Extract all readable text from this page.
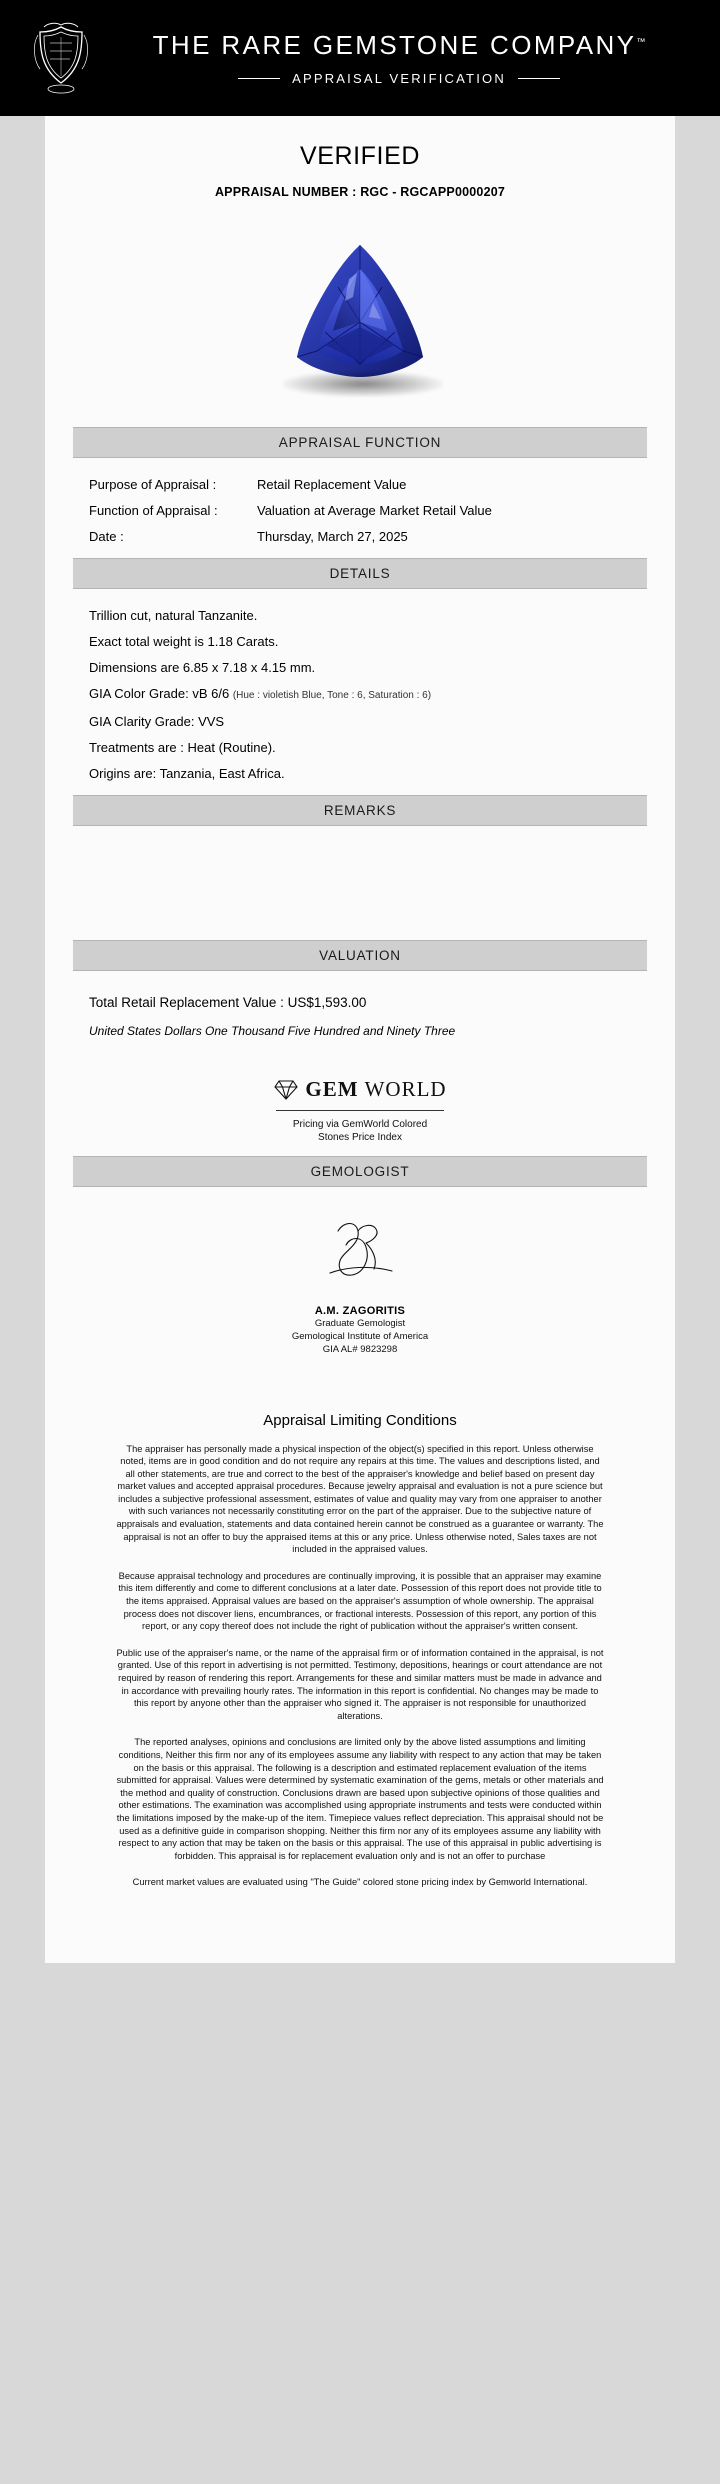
THE RARE GEMSTONE COMPANY™
APPRAISAL VERIFICATION
VERIFIED
APPRAISAL NUMBER : RGC - RGCAPP0000207
APPRAISAL FUNCTION
Purpose of Appraisal :	Retail Replacement Value
Function of Appraisal :	Valuation at Average Market Retail Value
Date :	Thursday, March 27, 2025
DETAILS
Trillion cut, natural Tanzanite.
Exact total weight is 1.18 Carats.
Dimensions are 6.85 x 7.18 x 4.15 mm.
GIA Color Grade: vB 6/6 (Hue : violetish Blue, Tone : 6, Saturation : 6)
GIA Clarity Grade: VVS
Treatments are : Heat (Routine).
Origins are: Tanzania, East Africa.
REMARKS
VALUATION
Total Retail Replacement Value : US$1,593.00
United States Dollars One Thousand Five Hundred and Ninety Three
GEM WORLD
Pricing via GemWorld Colored
Stones Price Index
GEMOLOGIST
A.M. ZAGORITIS
Graduate Gemologist
Gemological Institute of America
GIA AL# 9823298
Appraisal Limiting Conditions

The appraiser has personally made a physical inspection of the object(s) specified in this report. Unless otherwise noted, items are in good condition and do not require any repairs at this time. The values and descriptions listed, and all other statements, are true and correct to the best of the appraiser's knowledge and belief based on present day market values and accepted appraisal procedures. Because jewelry appraisal and evaluation is not a pure science but includes a subjective professional assessment, estimates of value and quality may vary from one appraiser to another with such variances not necessarily constituting error on the part of the appraiser. Due to the subjective nature of appraisals and evaluation, statements and data contained herein cannot be construed as a guarantee or warranty. The appraisal is not an offer to buy the appraised items at this or any price. Unless otherwise noted, Sales taxes are not included in the appraised values.

Because appraisal technology and procedures are continually improving, it is possible that an appraiser may examine this item differently and come to different conclusions at a later date. Possession of this report does not provide title to the items appraised. Appraisal values are based on the appraiser's assumption of whole ownership. The appraisal process does not discover liens, encumbrances, or fractional interests. Possession of this report, any portion of this report, or any copy thereof does not include the right of publication without the appraiser's written consent.

Public use of the appraiser's name, or the name of the appraisal firm or of information contained in the appraisal, is not granted. Use of this report in advertising is not permitted. Testimony, depositions, hearings or court attendance are not required by reason of rendering this report. Arrangements for these and similar matters must be made in advance and in accordance with prevailing hourly rates. The information in this report is confidential. No changes may be made to this report by anyone other than the appraiser who signed it. The appraiser is not responsible for unauthorized alterations.

The reported analyses, opinions and conclusions are limited only by the above listed assumptions and limiting conditions, Neither this firm nor any of its employees assume any liability with respect to any action that may be taken on the basis or this appraisal. The following is a description and estimated replacement evaluation of the items submitted for appraisal. Values were determined by systematic examination of the gems, metals or other materials and the method and quality of construction. Conclusions drawn are based upon subjective opinions of those qualities and other estimations. The examination was accomplished using appropriate instruments and tests were conducted within the limitations imposed by the make-up of the item. Timepiece values reflect depreciation. This appraisal should not be used as a definitive guide in comparison shopping. Neither this firm nor any of its employees assume any liability with respect to any action that may be taken on the basis or this appraisal. The use of this appraisal in public advertising is forbidden. This appraisal is for replacement evaluation only and is not an offer to purchase

Current market values are evaluated using "The Guide" colored stone pricing index by Gemworld International.
